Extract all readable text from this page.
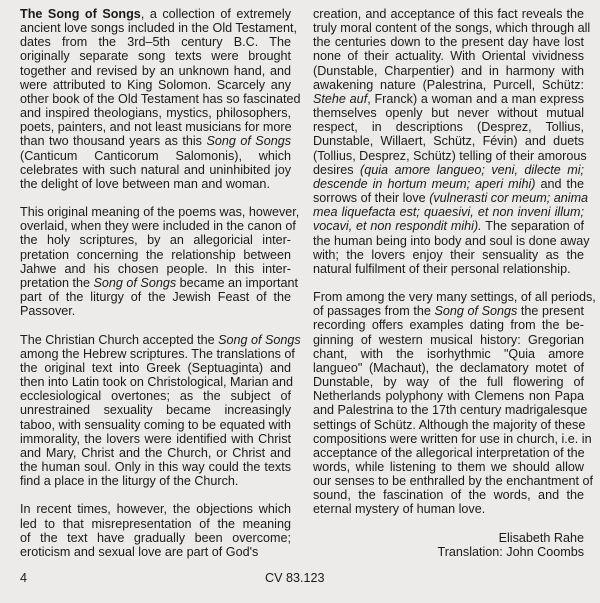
The Song of Songs, a collection of extremely
ancient love songs included in the Old Testament,
dates from the 3rd–5th century B.C. The
originally separate song texts were brought
together and revised by an unknown hand, and
were attributed to King Solomon. Scarcely any
other book of the Old Testament has so fascinated
and inspired theologians, mystics, philosophers,
poets, painters, and not least musicians for more
than two thousand years as this Song of Songs
(Canticum Canticorum Salomonis), which
celebrates with such natural and uninhibited joy
the delight of love between man and woman.
This original meaning of the poems was, however,
overlaid, when they were included in the canon of
the holy scriptures, by an allegoricial inter-
pretation concerning the relationship between
Jahwe and his chosen people. In this inter-
pretation the Song of Songs became an important
part of the liturgy of the Jewish Feast of the
Passover.
The Christian Church accepted the Song of Songs
among the Hebrew scriptures. The translations of
the original text into Greek (Septuaginta) and
then into Latin took on Christological, Marian and
ecclesiological overtones; as the subject of
unrestrained sexuality became increasingly
taboo, with sensuality coming to be equated with
immorality, the lovers were identified with Christ
and Mary, Christ and the Church, or Christ and
the human soul. Only in this way could the texts
find a place in the liturgy of the Church.
In recent times, however, the objections which
led to that misrepresentation of the meaning
of the text have gradually been overcome;
eroticism and sexual love are part of God's
creation, and acceptance of this fact reveals the
truly moral content of the songs, which through all
the centuries down to the present day have lost
none of their actuality. With Oriental vividness
(Dunstable, Charpentier) and in harmony with
awakening nature (Palestrina, Purcell, Schütz:
Stehe auf, Franck) a woman and a man express
themselves openly but never without mutual
respect, in descriptions (Desprez, Tollius,
Dunstable, Willaert, Schütz, Févin) and duets
(Tollius, Desprez, Schütz) telling of their amorous
desires (quia amore langueo; veni, dilecte mi;
descende in hortum meum; aperi mihi) and the
sorrows of their love (vulnerasti cor meum; anima
mea liquefacta est; quaesivi, et non inveni illum;
vocavi, et non respondit mihi). The separation of
the human being into body and soul is done away
with; the lovers enjoy their sensuality as the
natural fulfilment of their personal relationship.
From among the very many settings, of all periods,
of passages from the Song of Songs the present
recording offers examples dating from the be-
ginning of western musical history: Gregorian
chant, with the isorhythmic "Quia amore
langueo" (Machaut), the declamatory motet of
Dunstable, by way of the full flowering of
Netherlands polyphony with Clemens non Papa
and Palestrina to the 17th century madrigalesque
settings of Schütz. Although the majority of these
compositions were written for use in church, i.e. in
acceptance of the allegorical interpretation of the
words, while listening to them we should allow
our senses to be enthralled by the enchantment of
sound, the fascination of the words, and the
eternal mystery of human love.
Elisabeth Rahe
Translation: John Coombs
4	CV 83.123
